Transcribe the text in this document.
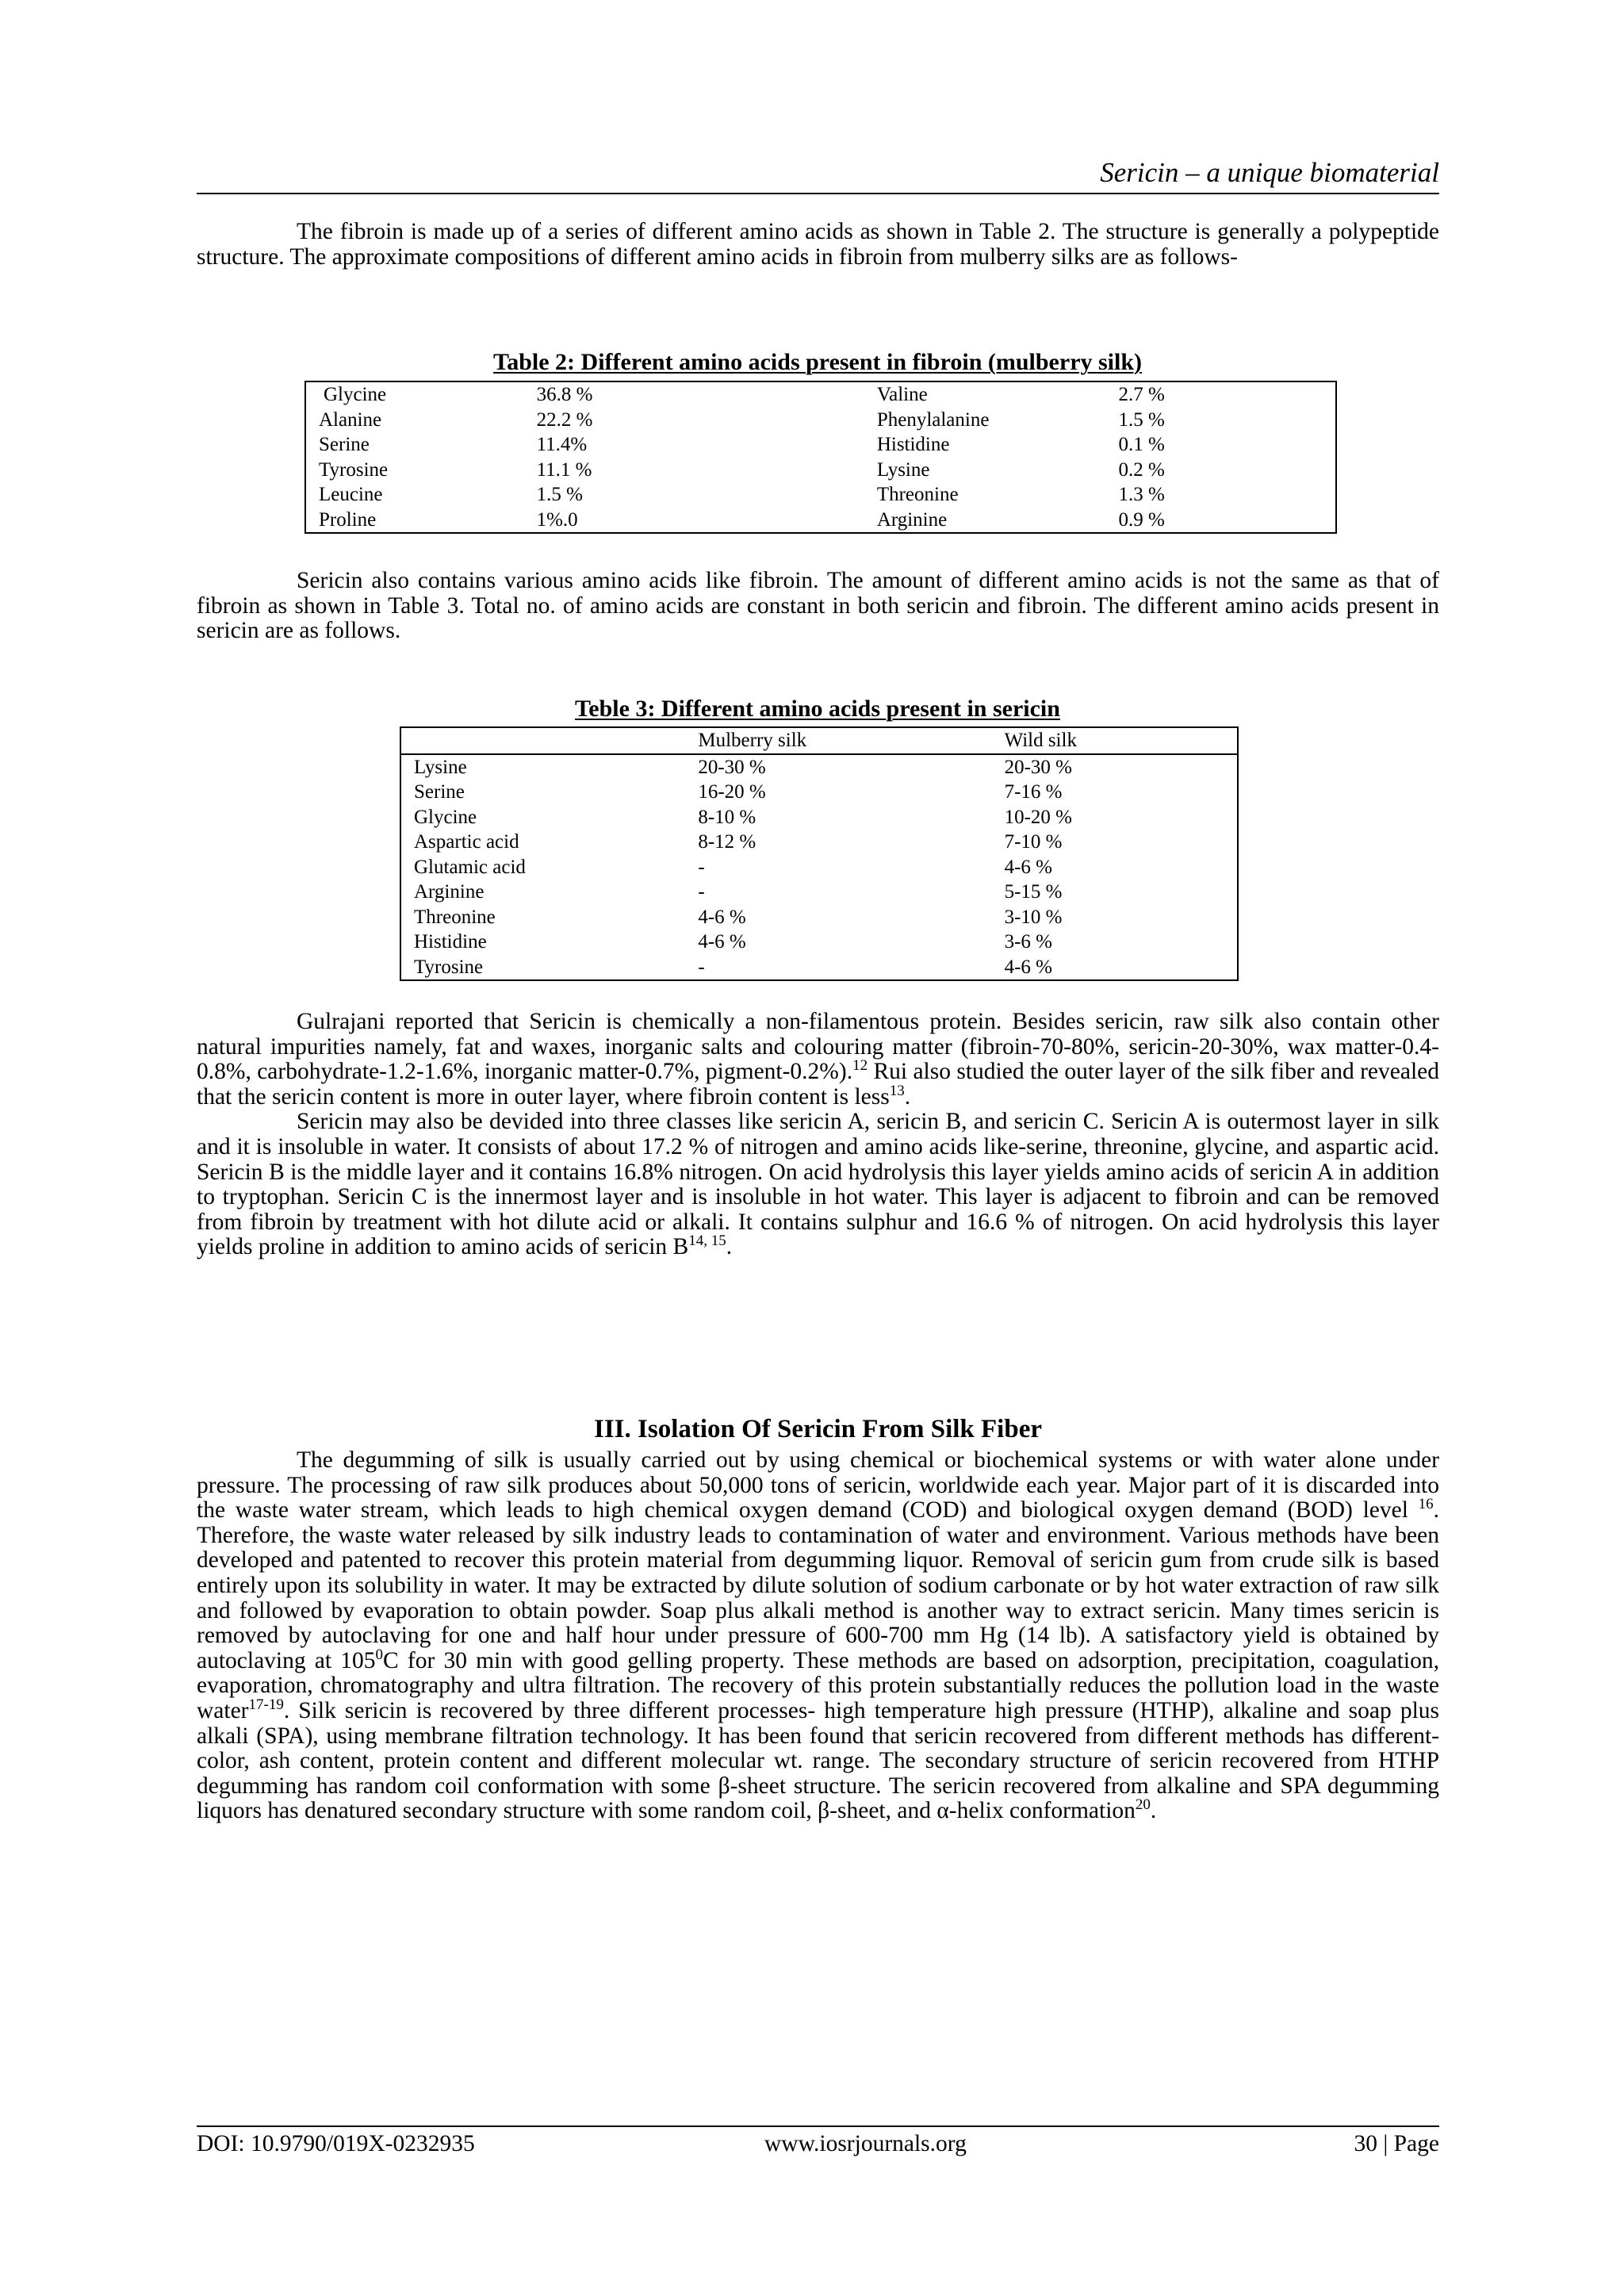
Sericin – a unique biomaterial

The fibroin is made up of a series of different amino acids as shown in Table 2. The structure is generally a polypeptide structure. The approximate compositions of different amino acids in fibroin from mulberry silks are as follows-

Table 2: Different amino acids present in fibroin (mulberry silk)
Glycine	36.8 %	Valine	2.7 %
Alanine	22.2 %	Phenylalanine	1.5 %
Serine	11.4%	Histidine	0.1 %
Tyrosine	11.1 %	Lysine	0.2 %
Leucine	1.5 %	Threonine	1.3 %
Proline	1%.0	Arginine	0.9 %

Sericin also contains various amino acids like fibroin. The amount of different amino acids is not the same as that of fibroin as shown in Table 3. Total no. of amino acids are constant in both sericin and fibroin. The different amino acids present in sericin are as follows.

Teble 3: Different amino acids present in sericin
	Mulberry silk	Wild silk
Lysine	20-30 %	20-30 %
Serine	16-20 %	7-16 %
Glycine	8-10 %	10-20 %
Aspartic acid	8-12 %	7-10 %
Glutamic acid	-	4-6 %
Arginine	-	5-15 %
Threonine	4-6 %	3-10 %
Histidine	4-6 %	3-6 %
Tyrosine	-	4-6 %

Gulrajani reported that Sericin is chemically a non-filamentous protein. Besides sericin, raw silk also contain other natural impurities namely, fat and waxes, inorganic salts and colouring matter (fibroin-70-80%, sericin-20-30%, wax matter-0.4-0.8%, carbohydrate-1.2-1.6%, inorganic matter-0.7%, pigment-0.2%).$^{12}$ Rui also studied the outer layer of the silk fiber and revealed that the sericin content is more in outer layer, where fibroin content is less$^{13}$.

Sericin may also be devided into three classes like sericin A, sericin B, and sericin C. Sericin A is outermost layer in silk and it is insoluble in water. It consists of about 17.2 % of nitrogen and amino acids like-serine, threonine, glycine, and aspartic acid. Sericin B is the middle layer and it contains 16.8% nitrogen. On acid hydrolysis this layer yields amino acids of sericin A in addition to tryptophan. Sericin C is the innermost layer and is insoluble in hot water. This layer is adjacent to fibroin and can be removed from fibroin by treatment with hot dilute acid or alkali. It contains sulphur and 16.6 % of nitrogen. On acid hydrolysis this layer yields proline in addition to amino acids of sericin B$^{14, 15}$.

III. Isolation Of Sericin From Silk Fiber

The degumming of silk is usually carried out by using chemical or biochemical systems or with water alone under pressure. The processing of raw silk produces about 50,000 tons of sericin, worldwide each year. Major part of it is discarded into the waste water stream, which leads to high chemical oxygen demand (COD) and biological oxygen demand (BOD) level $^{16}$. Therefore, the waste water released by silk industry leads to contamination of water and environment. Various methods have been developed and patented to recover this protein material from degumming liquor. Removal of sericin gum from crude silk is based entirely upon its solubility in water. It may be extracted by dilute solution of sodium carbonate or by hot water extraction of raw silk and followed by evaporation to obtain powder. Soap plus alkali method is another way to extract sericin. Many times sericin is removed by autoclaving for one and half hour under pressure of 600-700 mm Hg (14 lb). A satisfactory yield is obtained by autoclaving at $105^0C$ for 30 min with good gelling property. These methods are based on adsorption, precipitation, coagulation, evaporation, chromatography and ultra filtration. The recovery of this protein substantially reduces the pollution load in the waste water$^{17-19}$. Silk sericin is recovered by three different processes- high temperature high pressure (HTHP), alkaline and soap plus alkali (SPA), using membrane filtration technology. It has been found that sericin recovered from different methods has different-color, ash content, protein content and different molecular wt. range. The secondary structure of sericin recovered from HTHP degumming has random coil conformation with some β-sheet structure. The sericin recovered from alkaline and SPA degumming liquors has denatured secondary structure with some random coil, β-sheet, and α-helix conformation$^{20}$.

DOI: 10.9790/019X-0232935	www.iosrjournals.org	30 | Page
